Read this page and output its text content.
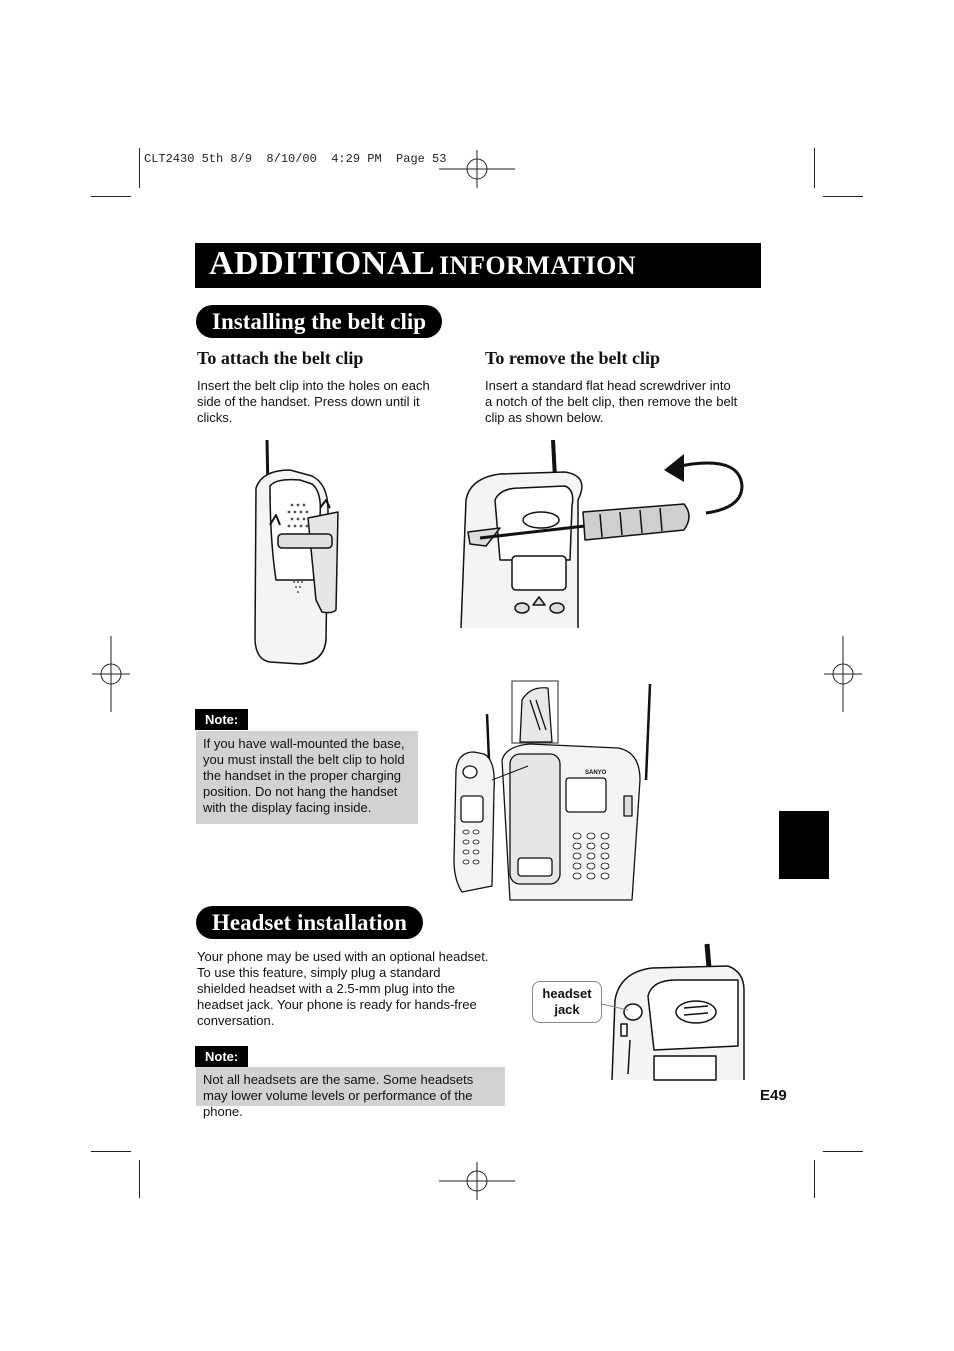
CLT2430 5th 8/9  8/10/00  4:29 PM  Page 53
ADDITIONAL INFORMATION
Installing the belt clip
To attach the belt clip
Insert the belt clip into the holes on each side of the handset. Press down until it clicks.
To remove the belt clip
Insert a standard flat head screwdriver into a notch of the belt clip, then remove the belt clip as shown below.
Note:
If you have wall-mounted the base, you must install the belt clip to hold the handset in the proper charging position. Do not hang the handset with the display facing inside.
SANYO
Headset installation
Your phone may be used with an optional headset. To use this feature, simply plug a standard shielded headset with a 2.5-mm plug into the headset jack. Your phone is ready for hands-free conversation.
headset jack
Note:
Not all headsets are the same. Some headsets may lower volume levels or performance of the phone.
E49
